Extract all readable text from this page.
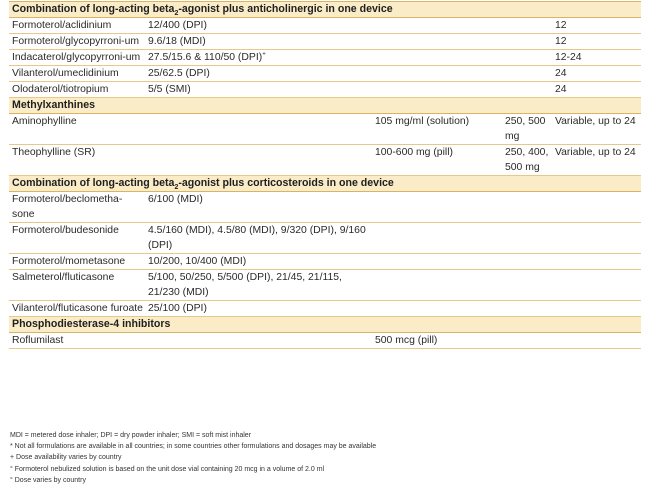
Combination of long-acting beta$_2$-agonist plus anticholinergic in one device				
Formoterol/aclidinium	12/400 (DPI)			12
Formoterol/glycopyrroni-um	9.6/18 (MDI)			12
Indacaterol/glycopyrroni-um	27.5/15.6 & 110/50 (DPI)+			12-24
Vilanterol/umeclidinium	25/62.5 (DPI)			24
Olodaterol/tiotropium	5/5 (SMI)			24
Methylxanthines				
Aminophylline		105 mg/ml (solution)	250, 500 mg	Variable, up to 24
Theophylline (SR)		100-600 mg (pill)	250, 400, 500 mg	Variable, up to 24
Combination of long-acting beta$_2$-agonist plus corticosteroids in one device				
Formoterol/beclometha-sone	6/100 (MDI)			
Formoterol/budesonide	4.5/160 (MDI), 4.5/80 (MDI), 9/320 (DPI), 9/160 (DPI)			
Formoterol/mometasone	10/200, 10/400 (MDI)			
Salmeterol/fluticasone	5/100, 50/250, 5/500 (DPI), 21/45, 21/115, 21/230 (MDI)			
Vilanterol/fluticasone furoate	25/100 (DPI)			
Phosphodiesterase-4 inhibitors				
Roflumilast		500 mcg (pill)		
MDI = metered dose inhaler; DPI = dry powder inhaler; SMI = soft mist inhaler
* Not all formulations are available in all countries; in some countries other formulations and dosages may be available
+ Dose availability varies by country
° Formoterol nebulized solution is based on the unit dose vial containing 20 mcg in a volume of 2.0 ml
° Dose varies by country
